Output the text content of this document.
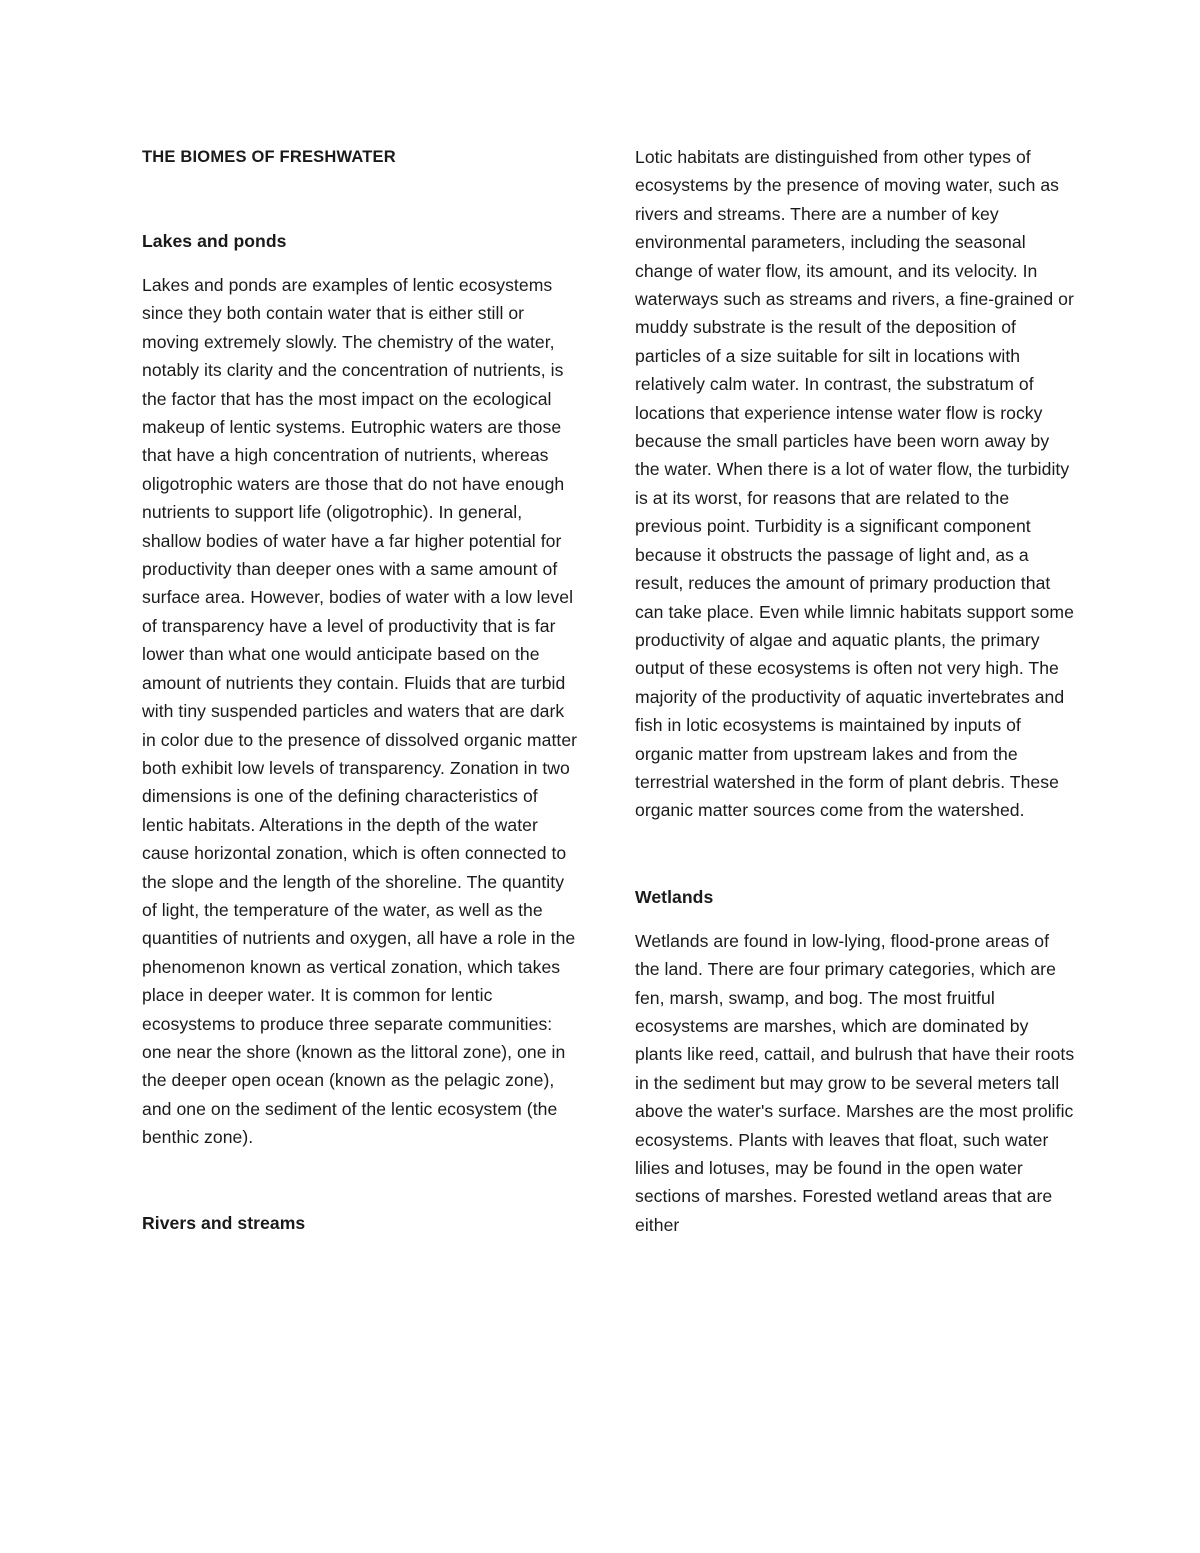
THE BIOMES OF FRESHWATER
Lakes and ponds

Lakes and ponds are examples of lentic ecosystems since they both contain water that is either still or moving extremely slowly. The chemistry of the water, notably its clarity and the concentration of nutrients, is the factor that has the most impact on the ecological makeup of lentic systems. Eutrophic waters are those that have a high concentration of nutrients, whereas oligotrophic waters are those that do not have enough nutrients to support life (oligotrophic). In general, shallow bodies of water have a far higher potential for productivity than deeper ones with a same amount of surface area. However, bodies of water with a low level of transparency have a level of productivity that is far lower than what one would anticipate based on the amount of nutrients they contain. Fluids that are turbid with tiny suspended particles and waters that are dark in color due to the presence of dissolved organic matter both exhibit low levels of transparency. Zonation in two dimensions is one of the defining characteristics of lentic habitats. Alterations in the depth of the water cause horizontal zonation, which is often connected to the slope and the length of the shoreline. The quantity of light, the temperature of the water, as well as the quantities of nutrients and oxygen, all have a role in the phenomenon known as vertical zonation, which takes place in deeper water. It is common for lentic ecosystems to produce three separate communities: one near the shore (known as the littoral zone), one in the deeper open ocean (known as the pelagic zone), and one on the sediment of the lentic ecosystem (the benthic zone).

Rivers and streams

Lotic habitats are distinguished from other types of ecosystems by the presence of moving water, such as rivers and streams. There are a number of key environmental parameters, including the seasonal change of water flow, its amount, and its velocity. In waterways such as streams and rivers, a fine-grained or muddy substrate is the result of the deposition of particles of a size suitable for silt in locations with relatively calm water. In contrast, the substratum of locations that experience intense water flow is rocky because the small particles have been worn away by the water. When there is a lot of water flow, the turbidity is at its worst, for reasons that are related to the previous point. Turbidity is a significant component because it obstructs the passage of light and, as a result, reduces the amount of primary production that can take place. Even while limnic habitats support some productivity of algae and aquatic plants, the primary output of these ecosystems is often not very high. The majority of the productivity of aquatic invertebrates and fish in lotic ecosystems is maintained by inputs of organic matter from upstream lakes and from the terrestrial watershed in the form of plant debris. These organic matter sources come from the watershed.

Wetlands

Wetlands are found in low-lying, flood-prone areas of the land. There are four primary categories, which are fen, marsh, swamp, and bog. The most fruitful ecosystems are marshes, which are dominated by plants like reed, cattail, and bulrush that have their roots in the sediment but may grow to be several meters tall above the water's surface. Marshes are the most prolific ecosystems. Plants with leaves that float, such water lilies and lotuses, may be found in the open water sections of marshes. Forested wetland areas that are either
